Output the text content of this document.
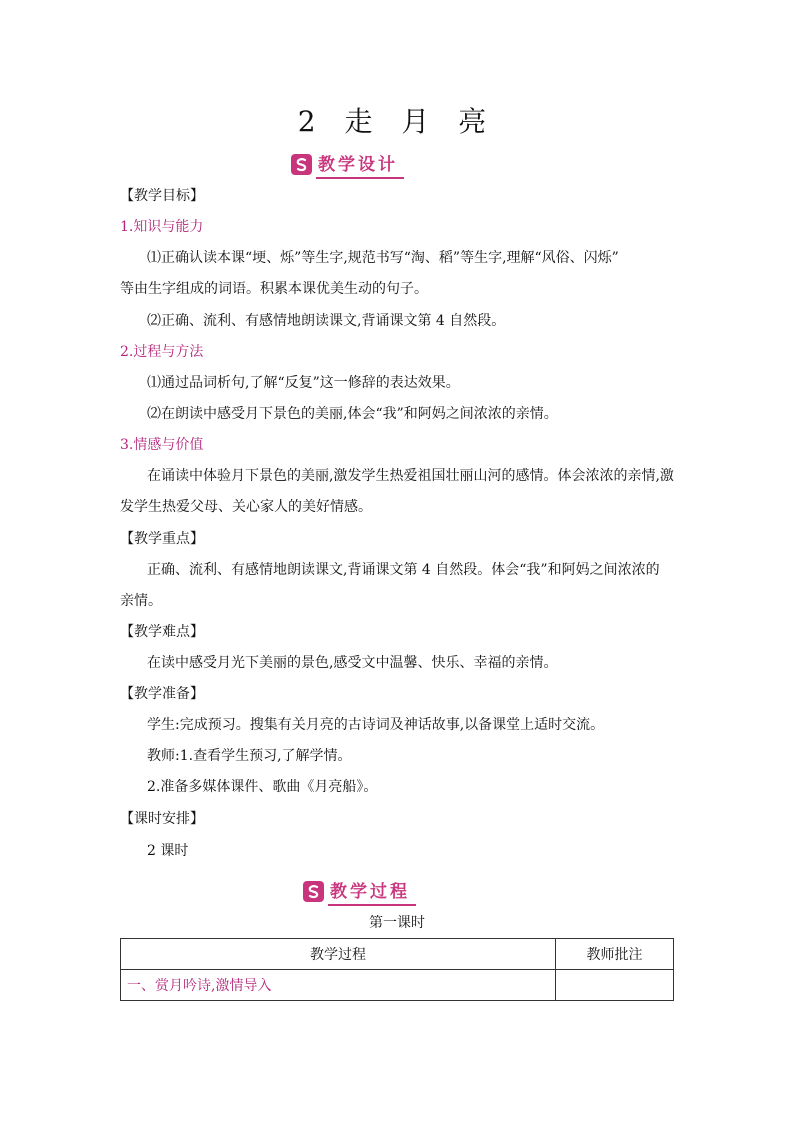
2 走 月 亮
教学设计
【教学目标】
1.知识与能力
⑴正确认读本课“埂、烁”等生字,规范书写“淘、稻”等生字,理解“风俗、闪烁”
等由生字组成的词语。积累本课优美生动的句子。
⑵正确、流利、有感情地朗读课文,背诵课文第 4 自然段。
2.过程与方法
⑴通过品词析句,了解“反复”这一修辞的表达效果。
⑵在朗读中感受月下景色的美丽,体会“我”和阿妈之间浓浓的亲情。
3.情感与价值
在诵读中体验月下景色的美丽,激发学生热爱祖国壮丽山河的感情。体会浓浓的亲情,激
发学生热爱父母、关心家人的美好情感。
【教学重点】
正确、流利、有感情地朗读课文,背诵课文第 4 自然段。体会“我”和阿妈之间浓浓的
亲情。
【教学难点】
在读中感受月光下美丽的景色,感受文中温馨、快乐、幸福的亲情。
【教学准备】
学生:完成预习。搜集有关月亮的古诗词及神话故事,以备课堂上适时交流。
教师:1.查看学生预习,了解学情。
2.准备多媒体课件、歌曲《月亮船》。
【课时安排】
2 课时
教学过程
第一课时
教学过程	教师批注
一、赏月吟诗,激情导入	
